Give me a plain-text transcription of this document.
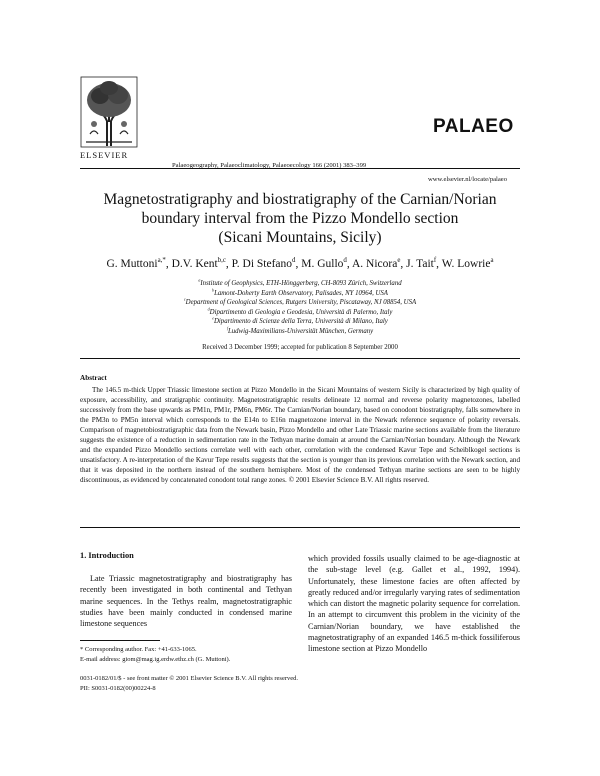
ELSEVIER
Palaeogeography, Palaeoclimatology, Palaeoecology 166 (2001) 383–399
PALAEO
www.elsevier.nl/locate/palaeo
Magnetostratigraphy and biostratigraphy of the Carnian/Norian
boundary interval from the Pizzo Mondello section
(Sicani Mountains, Sicily)
G. Muttoni$^{a,*}$, D.V. Kent$^{b,c}$, P. Di Stefano$^d$, M. Gullo$^d$, A. Nicora$^e$, J. Tait$^f$, W. Lowrie$^a$
$^a$Institute of Geophysics, ETH-Hönggerberg, CH-8093 Zürich, Switzerland
$^b$Lamont-Doherty Earth Observatory, Palisades, NY 10964, USA
$^c$Department of Geological Sciences, Rutgers University, Piscataway, NJ 08854, USA
$^d$Dipartimento di Geologia e Geodesia, Università di Palermo, Italy
$^e$Dipartimento di Scienze della Terra, Università di Milano, Italy
$^f$Ludwig-Maximilians-Universität München, Germany
Received 3 December 1999; accepted for publication 8 September 2000
Abstract
The 146.5 m-thick Upper Triassic limestone section at Pizzo Mondello in the Sicani Mountains of western Sicily is characterized by high quality of exposure, accessibility, and stratigraphic continuity. Magnetostratigraphic results delineate 12 normal and reverse polarity magnetozones, labelled successively from the base upwards as PM1n, PM1r, PM6n, PM6r. The Carnian/Norian boundary, based on conodont biostratigraphy, falls somewhere in the PM3n to PM5n interval which corresponds to the E14n to E16n magnetozone interval in the Newark reference sequence of polarity reversals. Comparison of magnetobiostratigraphic data from the Newark basin, Pizzo Mondello and other Late Triassic marine sections available from the literature suggests the existence of a reduction in sedimentation rate in the Tethyan marine domain at around the Carnian/Norian boundary. Although the Newark and the expanded Pizzo Mondello sections correlate well with each other, correlation with the condensed Kavur Tepe and Scheiblkogel sections is unsatisfactory. A re-interpretation of the Kavur Tepe results suggests that the section is younger than its previous correlation with the Newark section, and that it was deposited in the northern instead of the southern hemisphere. Most of the condensed Tethyan marine sections are seen to be highly discontinuous, as evidenced by concatenated conodont total range zones. © 2001 Elsevier Science B.V. All rights reserved.
1. Introduction
Late Triassic magnetostratigraphy and biostratigraphy has recently been investigated in both continental and Tethyan marine sequences. In the Tethys realm, magnetostratigraphic studies have been mainly conducted in condensed marine limestone sequences
which provided fossils usually claimed to be age-diagnostic at the sub-stage level (e.g. Gallet et al., 1992, 1994). Unfortunately, these limestone facies are often affected by greatly reduced and/or irregularly varying rates of sedimentation which can distort the magnetic polarity sequence for correlation. In an attempt to circumvent this problem in the vicinity of the Carnian/Norian boundary, we have established the magnetostratigraphy of an expanded 146.5 m-thick fossiliferous limestone section at Pizzo Mondello
* Corresponding author. Fax: +41-633-1065.
E-mail address: giom@mag.ig.erdw.ethz.ch (G. Muttoni).
0031-0182/01/$ - see front matter © 2001 Elsevier Science B.V. All rights reserved.
PII: S0031-0182(00)00224-8
